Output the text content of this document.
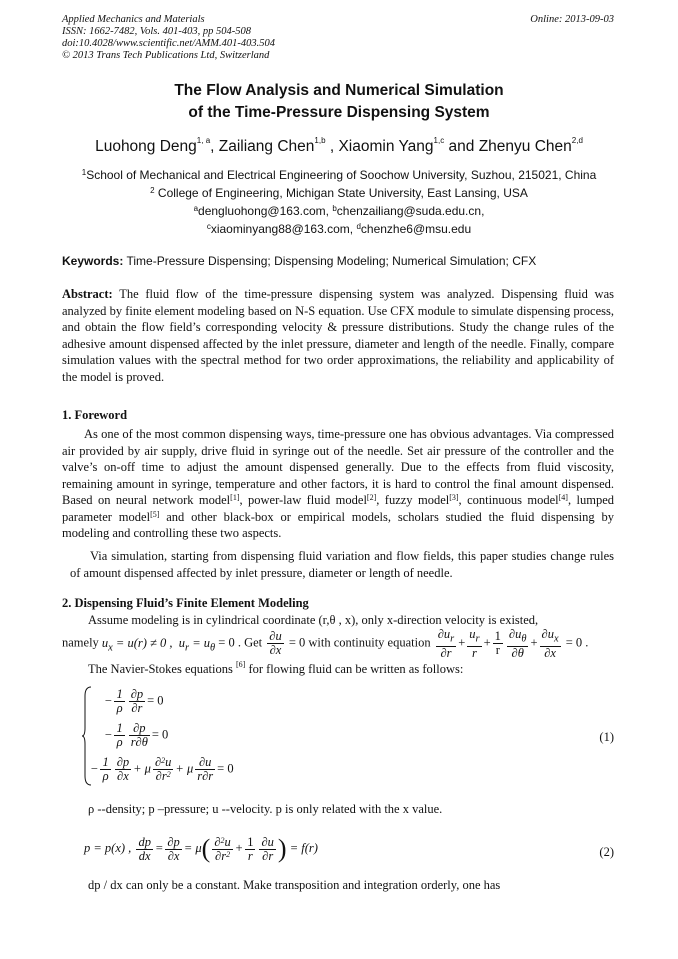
Applied Mechanics and Materials
ISSN: 1662-7482, Vols. 401-403, pp 504-508
doi:10.4028/www.scientific.net/AMM.401-403.504
© 2013 Trans Tech Publications Ltd, Switzerland
Online: 2013-09-03
The Flow Analysis and Numerical Simulation
of the Time-Pressure Dispensing System
Luohong Deng$^{1, a}$, Zailiang Chen$^{1,b}$ , Xiaomin Yang$^{1,c}$ and Zhenyu Chen$^{2,d}$
$^1$School of Mechanical and Electrical Engineering of Soochow University, Suzhou, 215021, China
$^2$ College of Engineering, Michigan State University, East Lansing, USA
$^a$dengluohong@163.com, $^b$chenzailiang@suda.edu.cn,
$^c$xiaominyang88@163.com, $^d$chenzhe6@msu.edu
Keywords: Time-Pressure Dispensing; Dispensing Modeling; Numerical Simulation; CFX
Abstract: The fluid flow of the time-pressure dispensing system was analyzed. Dispensing fluid was analyzed by finite element modeling based on N-S equation. Use CFX module to simulate dispensing process, and obtain the flow field’s corresponding velocity & pressure distributions. Study the change rules of the adhesive amount dispensed affected by the inlet pressure, diameter and length of the needle. Finally, compare simulation values with the spectral method for two order approximations, the reliability and applicability of the model is proved.
1. Foreword
As one of the most common dispensing ways, time-pressure one has obvious advantages. Via compressed air provided by air supply, drive fluid in syringe out of the needle. Set air pressure of the controller and the valve’s on-off time to adjust the amount dispensed generally. Due to the effects from fluid viscosity, remaining amount in syringe, temperature and other factors, it is hard to control the final amount dispensed. Based on neural network model[1], power-law fluid model[2], fuzzy model[3], continuous model[4], lumped parameter model[5] and other black-box or empirical models, scholars studied the fluid dispensing by modeling and controlling these two aspects.
Via simulation, starting from dispensing fluid variation and flow fields, this paper studies change rules of amount dispensed affected by inlet pressure, diameter or length of needle.
2. Dispensing Fluid’s Finite Element Modeling
Assume modeling is in cylindrical coordinate (r,θ , x), only x-direction velocity is existed,
namely $u_x = u(r) \ne 0$ , $u_r = u_\theta = 0$ . Get $\frac{\partial u}{\partial x} = 0$ with continuity equation $\frac{\partial u_r}{\partial r} + \frac{u_r}{r} + \frac{1}{r} \frac{\partial u_\theta}{\partial\theta} + \frac{\partial u_x}{\partial x} = 0$ .
The Navier-Stokes equations [6] for flowing fluid can be written as follows:
− $\frac{1}{\rho} \frac{\partial p}{\partial r} = 0$
− $\frac{1}{\rho} \frac{\partial p}{r\partial\theta} = 0$
− $\frac{1}{\rho} \frac{\partial p}{\partial x} + \mu \frac{\partial^2u}{\partial r^2} + \mu \frac{\partial u}{r\partial r} = 0$
(1)
ρ --density; p –pressure; u --velocity. p is only related with the x value.
p = p(x) , $\frac{dp}{dx} = \frac{\partial p}{\partial x} = \mu( \frac{\partial^2u}{\partial r^2} + \frac{1}{r} \frac{\partial u}{\partial r}$ ) = f(r)	(2)
dp / dx can only be a constant. Make transposition and integration orderly, one has
